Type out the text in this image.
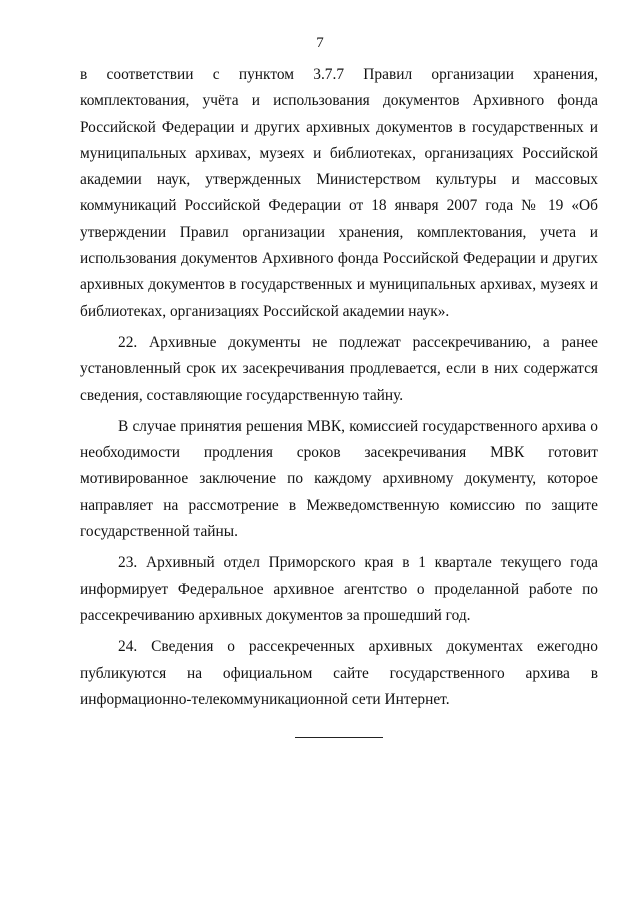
7

в соответствии с пунктом 3.7.7 Правил организации хранения, комплектования, учёта и использования документов Архивного фонда Российской Федерации и других архивных документов в государственных и муниципальных архивах, музеях и библиотеках, организациях Российской академии наук, утвержденных Министерством культуры и массовых коммуникаций Российской Федерации от 18 января 2007 года № 19 «Об утверждении Правил организации хранения, комплектования, учета и использования документов Архивного фонда Российской Федерации и других архивных документов в государственных и муниципальных архивах, музеях и библиотеках, организациях Российской академии наук».

22. Архивные документы не подлежат рассекречиванию, а ранее установленный срок их засекречивания продлевается, если в них содержатся сведения, составляющие государственную тайну.

В случае принятия решения МВК, комиссией государственного архива о необходимости продления сроков засекречивания МВК готовит мотивированное заключение по каждому архивному документу, которое направляет на рассмотрение в Межведомственную комиссию по защите государственной тайны.

23. Архивный отдел Приморского края в 1 квартале текущего года информирует Федеральное архивное агентство о проделанной работе по рассекречиванию архивных документов за прошедший год.

24. Сведения о рассекреченных архивных документах ежегодно публикуются на официальном сайте государственного архива в информационно-телекоммуникационной сети Интернет.
